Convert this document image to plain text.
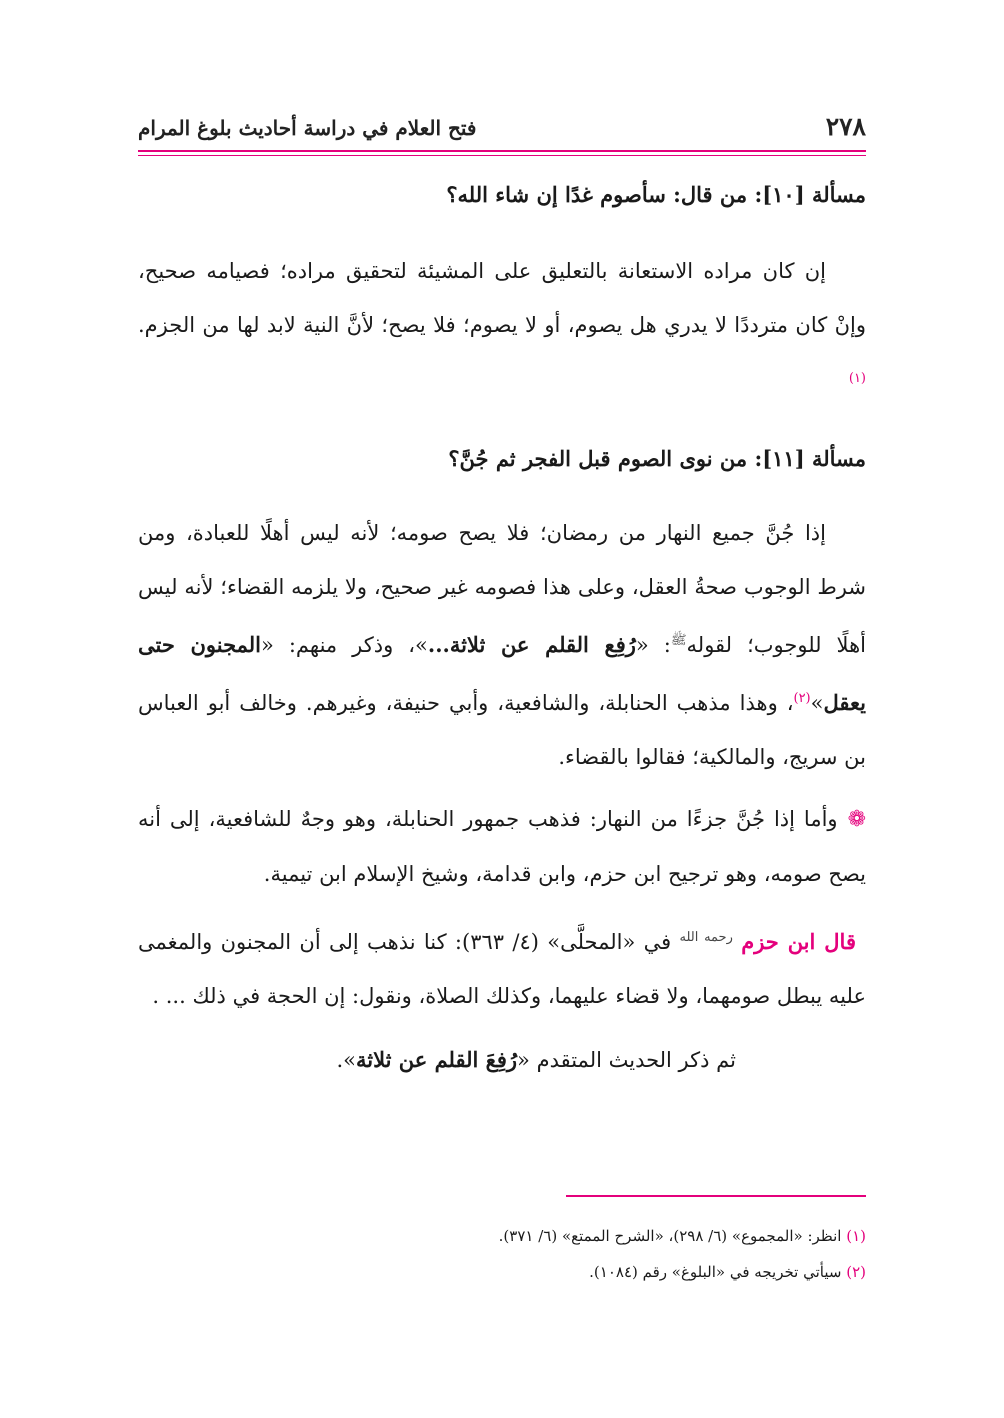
٢٧٨
فتح العلام في دراسة أحاديث بلوغ المرام

مسألة [١٠]: من قال: سأصوم غدًا إن شاء الله؟

إن كان مراده الاستعانة بالتعليق على المشيئة لتحقيق مراده؛ فصيامه صحيح، وإنْ كان مترددًا لا يدري هل يصوم، أو لا يصوم؛ فلا يصح؛ لأنَّ النية لابد لها من الجزم.$^{(١)}$

مسألة [١١]: من نوى الصوم قبل الفجر ثم جُنَّ؟

إذا جُنَّ جميع النهار من رمضان؛ فلا يصح صومه؛ لأنه ليس أهلًا للعبادة، ومن شرط الوجوب صحةُ العقل، وعلى هذا فصومه غير صحيح، ولا يلزمه القضاء؛ لأنه ليس أهلًا للوجوب؛ لقوله$^ﷺ$: «رُفِع القلم عن ثلاثة...»، وذكر منهم: «المجنون حتى يعقل»$^{(٢)}$، وهذا مذهب الحنابلة، والشافعية، وأبي حنيفة، وغيرهم. وخالف أبو العباس بن سريج، والمالكية؛ فقالوا بالقضاء.

❁وأما إذا جُنَّ جزءًا من النهار: فذهب جمهور الحنابلة، وهو وجهٌ للشافعية، إلى أنه يصح صومه، وهو ترجيح ابن حزم، وابن قدامة، وشيخ الإسلام ابن تيمية.

قال ابن حزم $^{رحمه الله}$ في «المحلَّى» (٤/ ٣٦٣): كنا نذهب إلى أن المجنون والمغمى عليه يبطل صومهما، ولا قضاء عليهما، وكذلك الصلاة، ونقول: إن الحجة في ذلك ... .

ثم ذكر الحديث المتقدم «رُفِعَ القلم عن ثلاثة».

(١) انظر: «المجموع» (٦/ ٢٩٨)، «الشرح الممتع» (٦/ ٣٧١).

(٢) سيأتي تخريجه في «البلوغ» رقم (١٠٨٤).
